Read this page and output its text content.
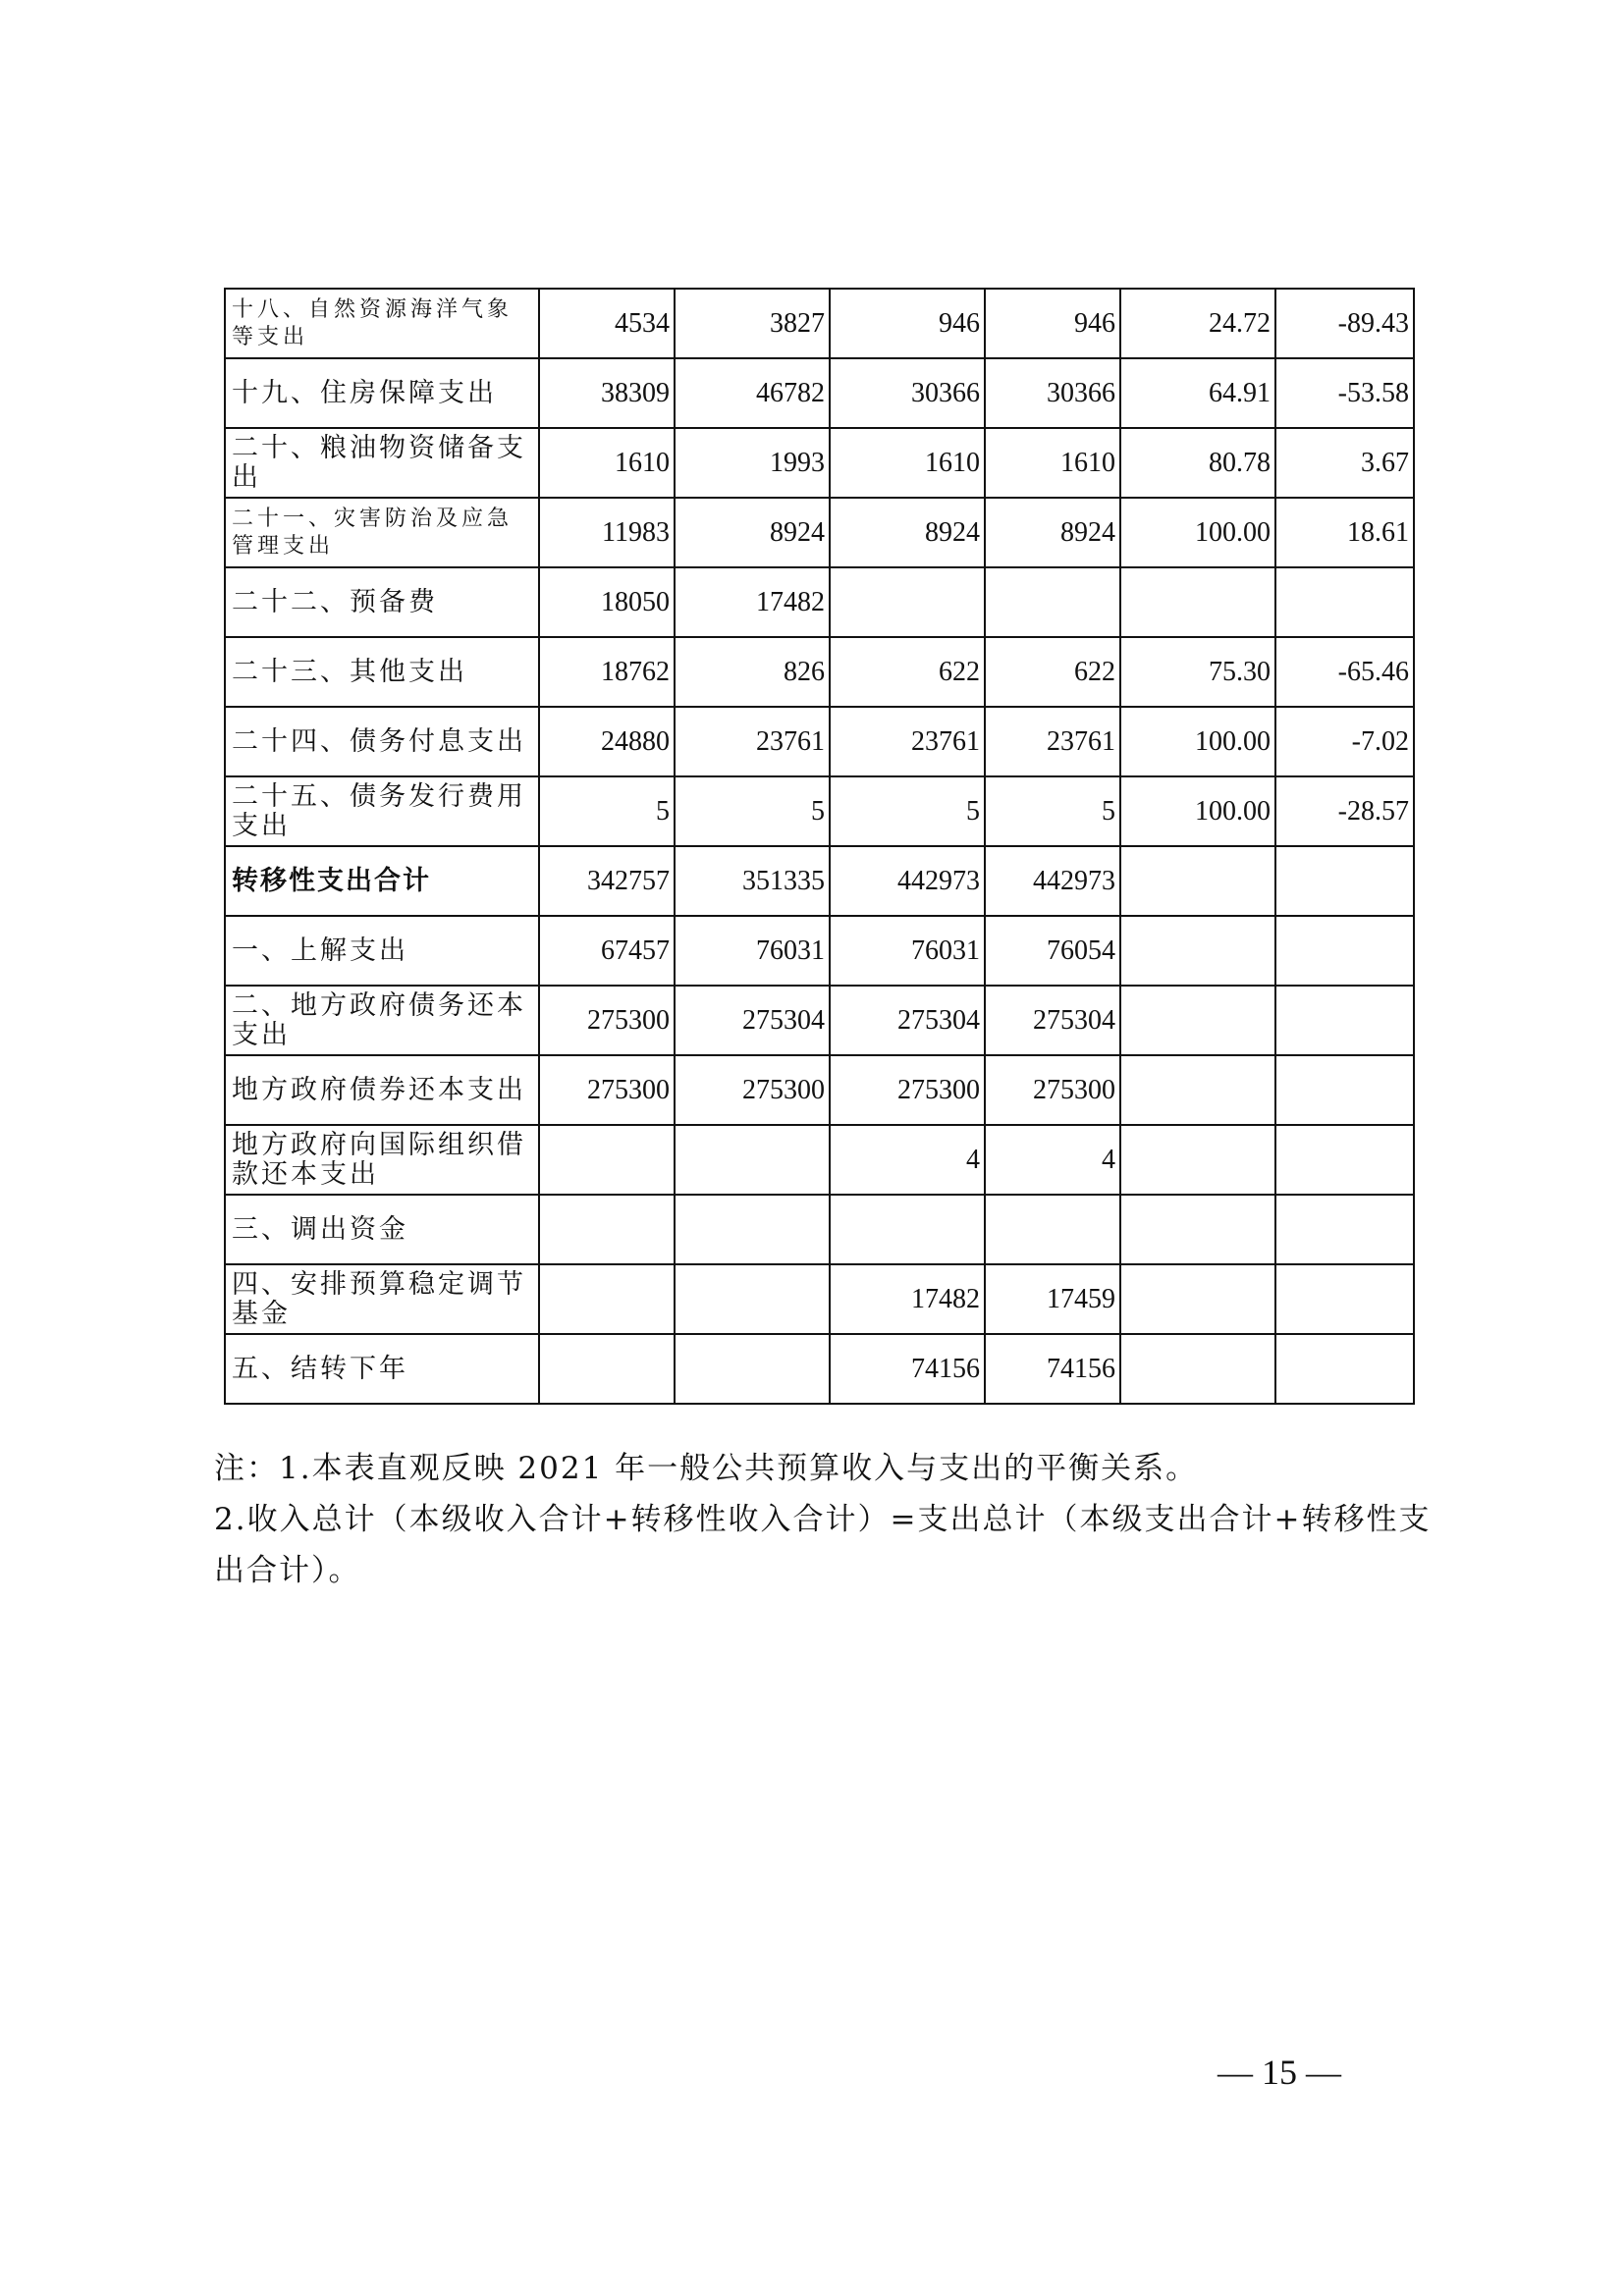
十八、自然资源海洋气象等支出	4534	3827	946	946	24.72	-89.43
十九、住房保障支出	38309	46782	30366	30366	64.91	-53.58
二十、粮油物资储备支出	1610	1993	1610	1610	80.78	3.67
二十一、灾害防治及应急管理支出	11983	8924	8924	8924	100.00	18.61
二十二、预备费	18050	17482				
二十三、其他支出	18762	826	622	622	75.30	-65.46
二十四、债务付息支出	24880	23761	23761	23761	100.00	-7.02
二十五、债务发行费用支出	5	5	5	5	100.00	-28.57
转移性支出合计	342757	351335	442973	442973		
一、上解支出	67457	76031	76031	76054		
二、地方政府债务还本支出	275300	275304	275304	275304		
地方政府债券还本支出	275300	275300	275300	275300		
地方政府向国际组织借款还本支出			4	4		
三、调出资金						
四、安排预算稳定调节基金			17482	17459		
五、结转下年			74156	74156		

注：1.本表直观反映 2021 年一般公共预算收入与支出的平衡关系。

2.收入总计（本级收入合计+转移性收入合计）=支出总计（本级支出合计+转移性支出合计）。

— 15 —
